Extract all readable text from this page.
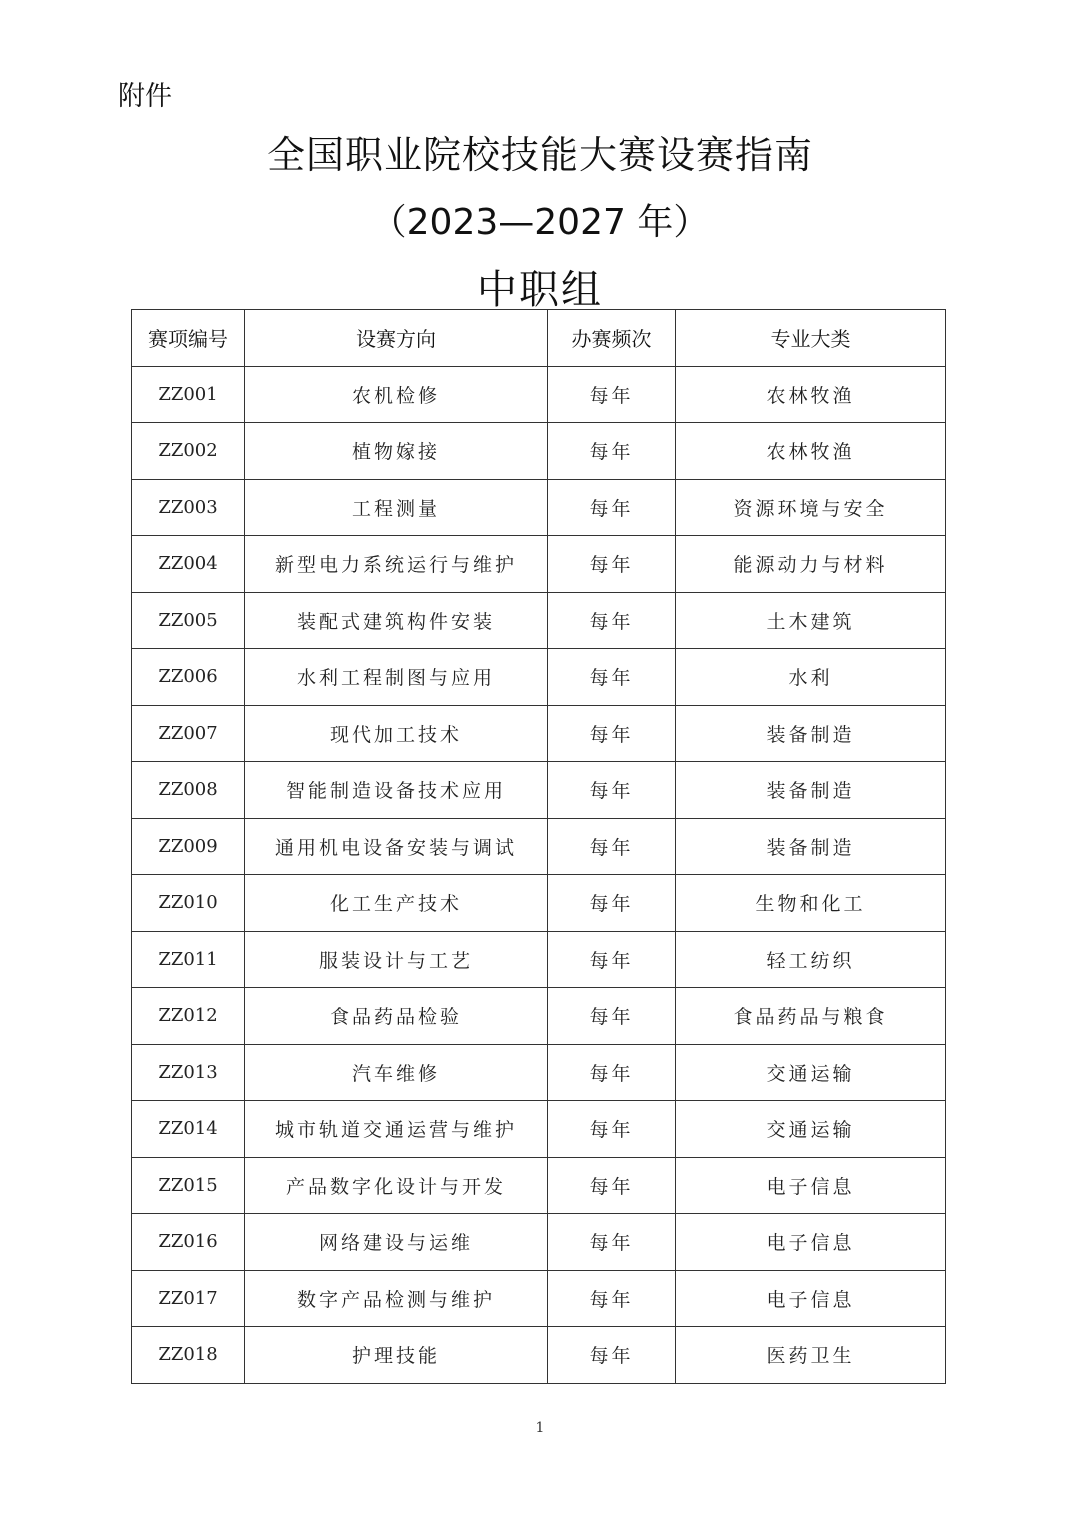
附件
全国职业院校技能大赛设赛指南
（2023—2027 年）
中职组
赛项编号	设赛方向	办赛频次	专业大类
ZZ001	农机检修	每年	农林牧渔
ZZ002	植物嫁接	每年	农林牧渔
ZZ003	工程测量	每年	资源环境与安全
ZZ004	新型电力系统运行与维护	每年	能源动力与材料
ZZ005	装配式建筑构件安装	每年	土木建筑
ZZ006	水利工程制图与应用	每年	水利
ZZ007	现代加工技术	每年	装备制造
ZZ008	智能制造设备技术应用	每年	装备制造
ZZ009	通用机电设备安装与调试	每年	装备制造
ZZ010	化工生产技术	每年	生物和化工
ZZ011	服装设计与工艺	每年	轻工纺织
ZZ012	食品药品检验	每年	食品药品与粮食
ZZ013	汽车维修	每年	交通运输
ZZ014	城市轨道交通运营与维护	每年	交通运输
ZZ015	产品数字化设计与开发	每年	电子信息
ZZ016	网络建设与运维	每年	电子信息
ZZ017	数字产品检测与维护	每年	电子信息
ZZ018	护理技能	每年	医药卫生
1
